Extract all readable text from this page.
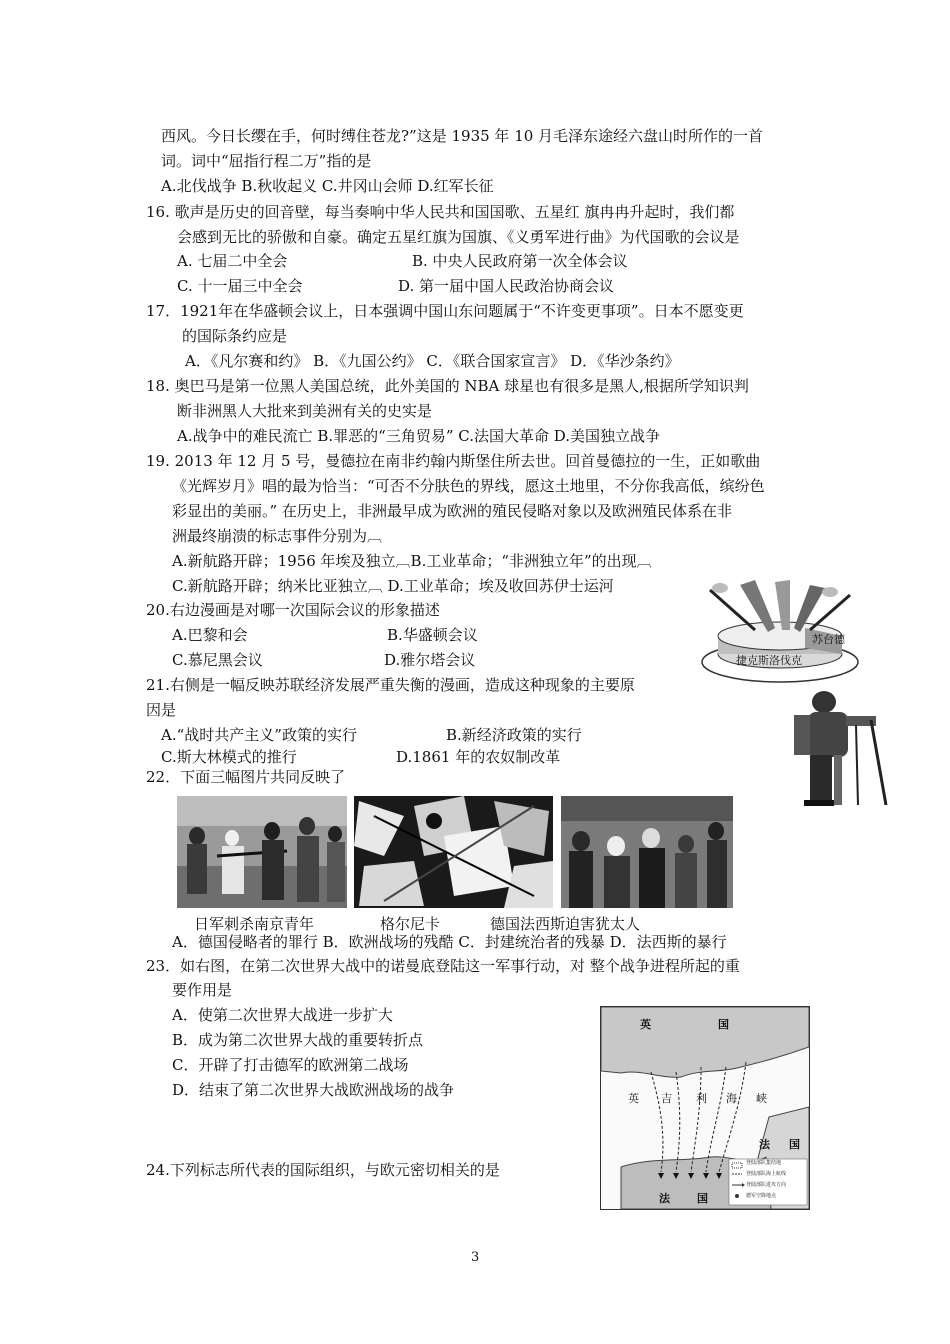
西风。今日长缨在手，何时缚住苍龙?”这是 1935 年 10 月毛泽东途经六盘山时所作的一首
词。词中“屈指行程二万”指的是
A.北伐战争 B.秋收起义 C.井冈山会师 D.红军长征
16. 歌声是历史的回音壁，每当奏响中华人民共和国国歌、五星红 旗冉冉升起时，我们都
会感到无比的骄傲和自豪。确定五星红旗为国旗、《义勇军进行曲》为代国歌的会议是
A. 七届二中全会	B. 中央人民政府第一次全体会议
C. 十一届三中全会	D. 第一届中国人民政治协商会议
17．1921年在华盛顿会议上，日本强调中国山东问题属于“不许变更事项”。日本不愿变更
的国际条约应是
A．《凡尔赛和约》 B．《九国公约》 C．《联合国家宣言》 D．《华沙条约》
18. 奥巴马是第一位黑人美国总统，此外美国的 NBA 球星也有很多是黑人,根据所学知识判
断非洲黑人大批来到美洲有关的史实是
A.战争中的难民流亡 B.罪恶的“三角贸易” C.法国大革命 D.美国独立战争
19. 2013 年 12 月 5 号，曼德拉在南非约翰内斯堡住所去世。回首曼德拉的一生，正如歌曲
《光辉岁月》唱的最为恰当：“可否不分肤色的界线，愿这土地里，不分你我高低，缤纷色
彩显出的美丽。” 在历史上，非洲最早成为欧洲的殖民侵略对象以及欧洲殖民体系在非
洲最终崩溃的标志事件分别为︹
A.新航路开辟；1956 年埃及独立︹B.工业革命；“非洲独立年”的出现︹
C.新航路开辟；纳米比亚独立︹ D.工业革命；埃及收回苏伊士运河
20.右边漫画是对哪一次国际会议的形象描述
A.巴黎和会	B.华盛顿会议
C.慕尼黑会议	D.雅尔塔会议
21.右侧是一幅反映苏联经济发展严重失衡的漫画，造成这种现象的主要原
因是
A.“战时共产主义”政策的实行	B.新经济政策的实行
C.斯大林模式的推行	D.1861 年的农奴制改革
22．下面三幅图片共同反映了
日军刺杀南京青年	格尔尼卡	德国法西斯迫害犹太人
A．德国侵略者的罪行 B．欧洲战场的残酷 C．封建统治者的残暴 D．法西斯的暴行
23．如右图，在第二次世界大战中的诺曼底登陆这一军事行动，对 整个战争进程所起的重
要作用是
A．使第二次世界大战进一步扩大
B．成为第二次世界大战的重要转折点
C．开辟了打击德军的欧洲第二战场
D．结束了第二次世界大战欧洲战场的战争
24.下列标志所代表的国际组织，与欧元密切相关的是
苏台德
捷克斯洛伐克
英	国
英 吉 利 海 峡
法 国
法 国
登陆部队集结地
登陆部队海上航线
登陆部队进攻方向
德军空降地点
3
